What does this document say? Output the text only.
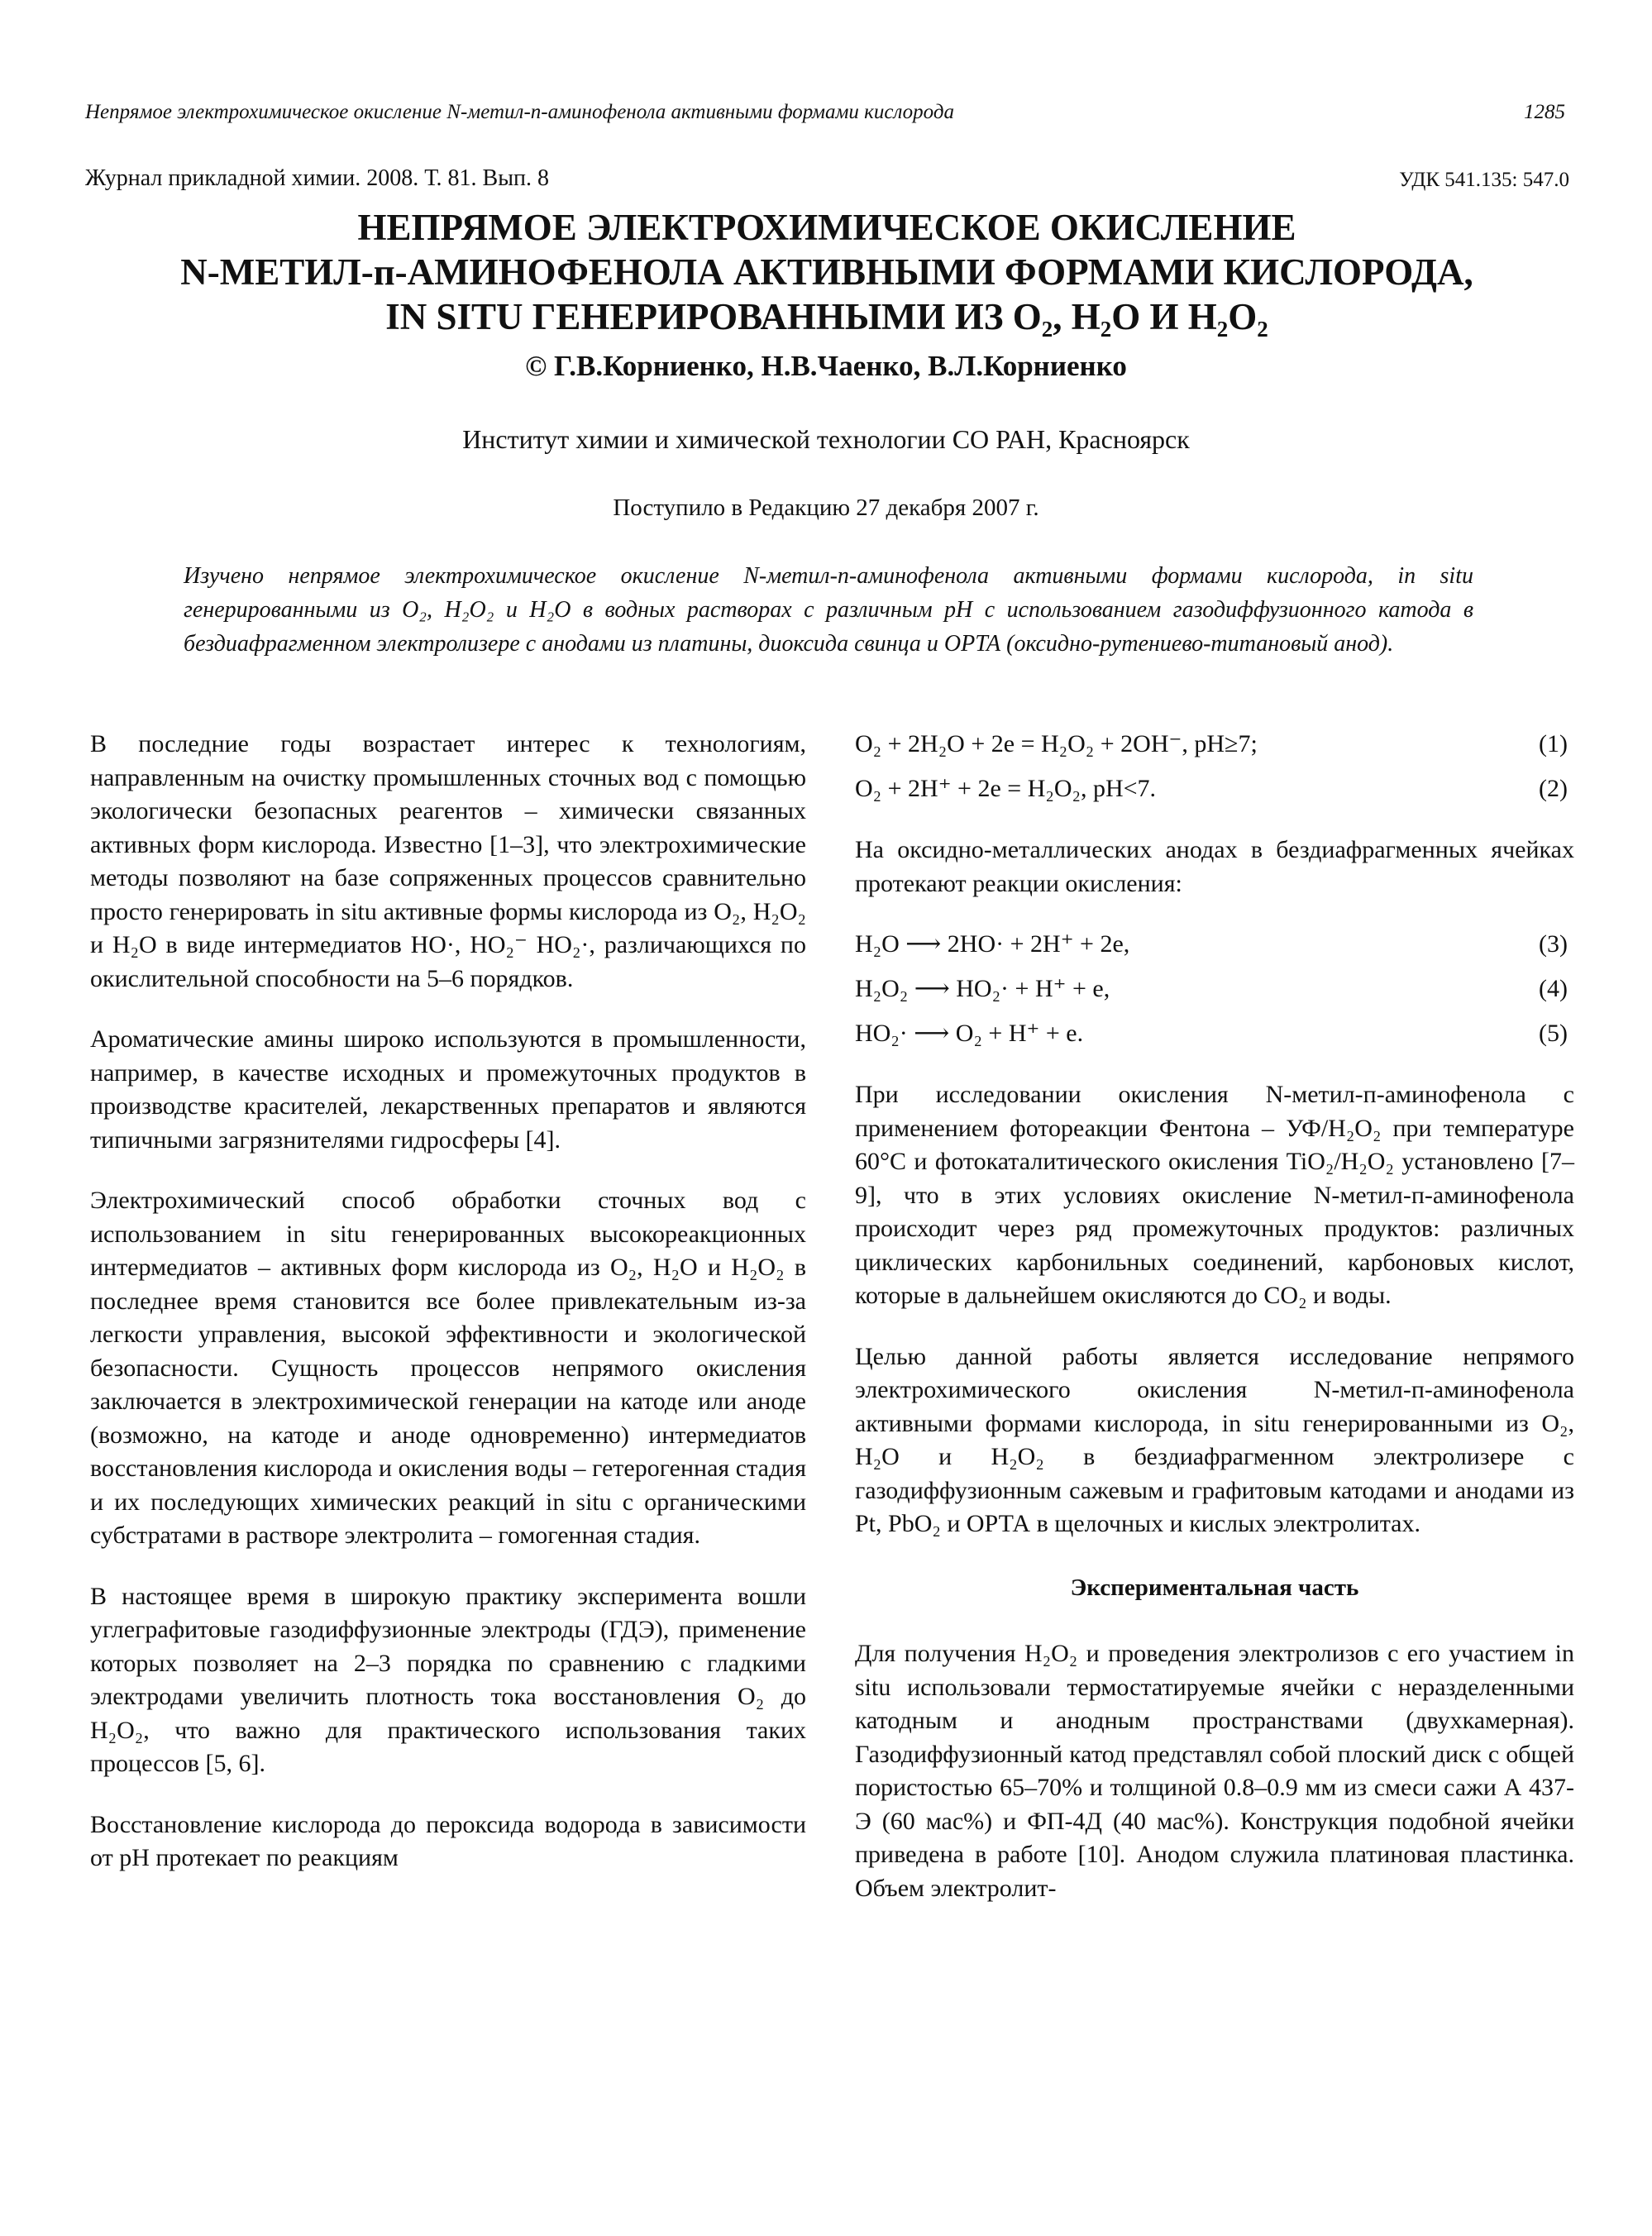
Непрямое электрохимическое окисление N-метил-п-аминофенола активными формами кислорода	1285
Журнал прикладной химии. 2008. Т. 81. Вып. 8	УДК 541.135: 547.0
НЕПРЯМОЕ ЭЛЕКТРОХИМИЧЕСКОЕ ОКИСЛЕНИЕ
N-МЕТИЛ-п-АМИНОФЕНОЛА АКТИВНЫМИ ФОРМАМИ КИСЛОРОДА,
IN SITU ГЕНЕРИРОВАННЫМИ ИЗ O₂, H₂O И H₂O₂
© Г.В.Корниенко, Н.В.Чаенко, В.Л.Корниенко
Институт химии и химической технологии СО РАН, Красноярск
Поступило в Редакцию 27 декабря 2007 г.

Изучено непрямое электрохимическое окисление N-метил-п-аминофенола активными формами кислорода, in situ генерированными из O₂, H₂O₂ и H₂O в водных растворах с различным pH с использованием газодиффузионного катода в бездиафрагменном электролизере с анодами из платины, диоксида свинца и ОРТА (оксидно-рутениево-титановый анод).

В последние годы возрастает интерес к технологиям, направленным на очистку промышленных сточных вод с помощью экологически безопасных реагентов – химически связанных активных форм кислорода. Известно [1–3], что электрохимические методы позволяют на базе сопряженных процессов сравнительно просто генерировать in situ активные формы кислорода из O₂, H₂O₂ и H₂O в виде интермедиатов HO·, HO₂⁻ HO₂·, различающихся по окислительной способности на 5–6 порядков.

Ароматические амины широко используются в промышленности, например, в качестве исходных и промежуточных продуктов в производстве красителей, лекарственных препаратов и являются типичными загрязнителями гидросферы [4].

Электрохимический способ обработки сточных вод с использованием in situ генерированных высокореакционных интермедиатов – активных форм кислорода из O₂, H₂O и H₂O₂ в последнее время становится все более привлекательным из-за легкости управления, высокой эффективности и экологической безопасности. Сущность процессов непрямого окисления заключается в электрохимической генерации на катоде или аноде (возможно, на катоде и аноде одновременно) интермедиатов восстановления кислорода и окисления воды – гетерогенная стадия и их последующих химических реакций in situ с органическими субстратами в растворе электролита – гомогенная стадия.

В настоящее время в широкую практику эксперимента вошли углеграфитовые газодиффузионные электроды (ГДЭ), применение которых позволяет на 2–3 порядка по сравнению с гладкими электродами увеличить плотность тока восстановления O₂ до H₂O₂, что важно для практического использования таких процессов [5, 6].

Восстановление кислорода до пероксида водорода в зависимости от pH протекает по реакциям

O₂ + 2H₂O + 2e = H₂O₂ + 2OH⁻, pH≥7;	(1)
O₂ + 2H⁺ + 2e = H₂O₂, pH<7.	(2)

На оксидно-металлических анодах в бездиафрагменных ячейках протекают реакции окисления:

H₂O ⟶ 2HO· + 2H⁺ + 2e,	(3)
H₂O₂ ⟶ HO₂· + H⁺ + e,	(4)
HO₂· ⟶ O₂ + H⁺ + e.	(5)

При исследовании окисления N-метил-п-аминофенола с применением фотореакции Фентона – УФ/H₂O₂ при температуре 60°C и фотокаталитического окисления TiO₂/H₂O₂ установлено [7–9], что в этих условиях окисление N-метил-п-аминофенола происходит через ряд промежуточных продуктов: различных циклических карбонильных соединений, карбоновых кислот, которые в дальнейшем окисляются до CO₂ и воды.

Целью данной работы является исследование непрямого электрохимического окисления N-метил-п-аминофенола активными формами кислорода, in situ генерированными из O₂, H₂O и H₂O₂ в бездиафрагменном электролизере с газодиффузионным сажевым и графитовым катодами и анодами из Pt, PbO₂ и ОРТА в щелочных и кислых электролитах.

Экспериментальная часть

Для получения H₂O₂ и проведения электролизов с его участием in situ использовали термостатируемые ячейки с неразделенными катодным и анодным пространствами (двухкамерная). Газодиффузионный катод представлял собой плоский диск с общей пористостью 65–70% и толщиной 0.8–0.9 мм из смеси сажи А 437-Э (60 мас%) и ФП-4Д (40 мас%). Конструкция подобной ячейки приведена в работе [10]. Анодом служила платиновая пластинка. Объем электролит-
